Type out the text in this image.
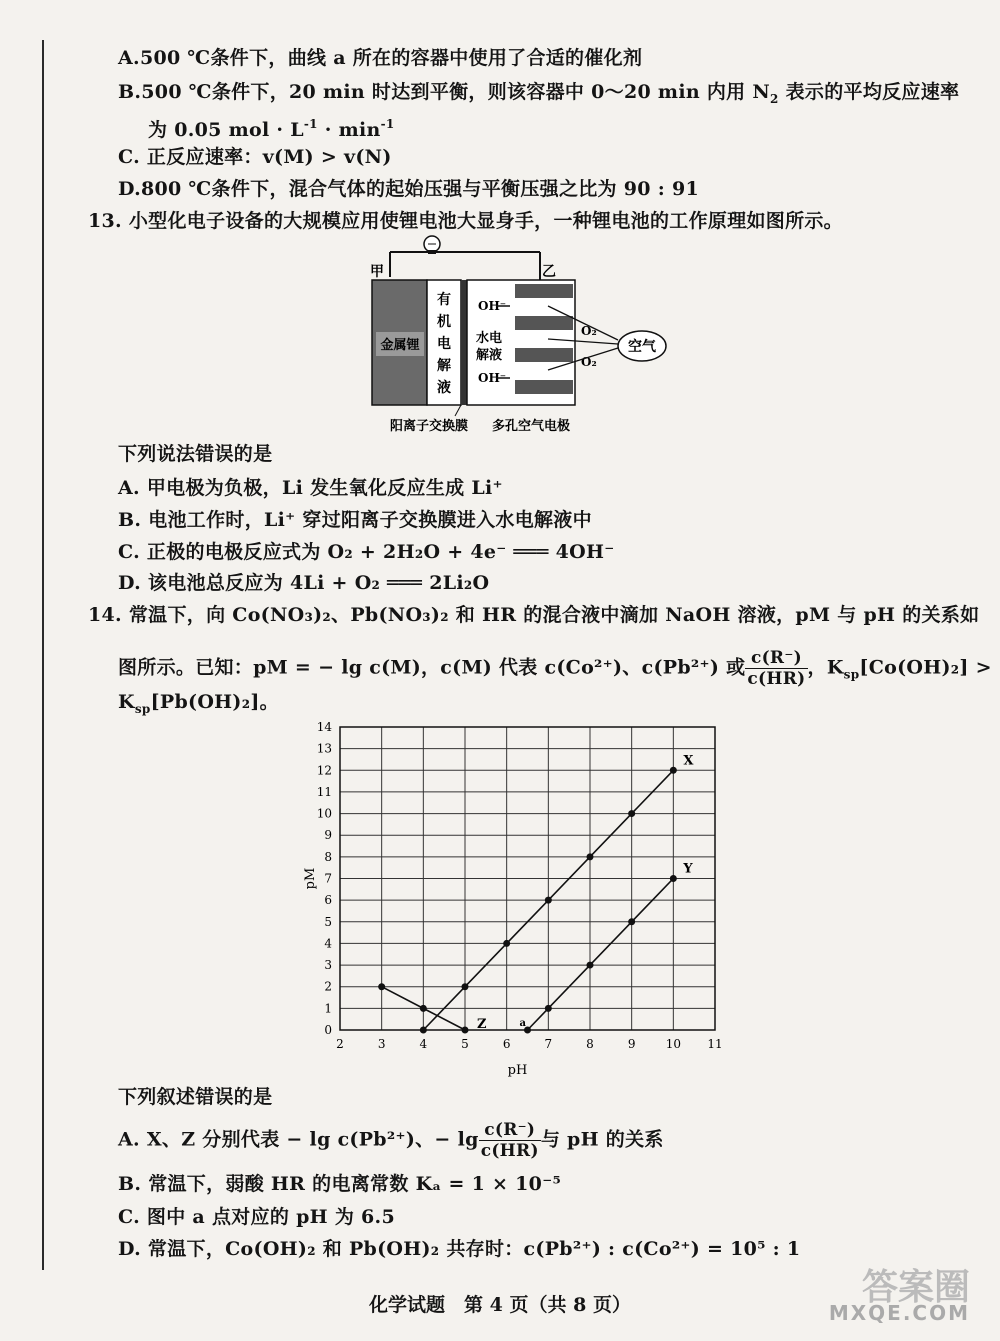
A.500 ℃条件下，曲线 a 所在的容器中使用了合适的催化剂
B.500 ℃条件下，20 min 时达到平衡，则该容器中 0～20 min 内用 $N_2$ 表示的平均反应速率
为 0.05 mol · $L^{-1} \cdot \min^{-1}$
C. 正反应速率：v(M) > v(N)
D.800 ℃条件下，混合气体的起始压强与平衡压强之比为 90 : 91
13. 小型化电子设备的大规模应用使锂电池大显身手，一种锂电池的工作原理如图所示。
甲	乙
金属锂
有
机
电
解
液
OH⁻
水电
解液
OH⁻
O₂
O₂
空气
阳离子交换膜 多孔空气电极
下列说法错误的是
A. 甲电极为负极，Li 发生氧化反应生成 Li⁺
B. 电池工作时，Li⁺ 穿过阳离子交换膜进入水电解液中
C. 正极的电极反应式为 O₂ + 2H₂O + 4e⁻ ═══ 4OH⁻
D. 该电池总反应为 4Li + O₂ ═══ 2Li₂O
14. 常温下，向 Co(NO₃)₂、Pb(NO₃)₂ 和 HR 的混合液中滴加 NaOH 溶液，pM 与 pH 的关系如
图所示。已知：pM = − lg c(M)，c(M) 代表 c(Co²⁺)、c(Pb²⁺) 或 $\frac{c(R^-)}{c(HR)}$ ，$K_{sp}[Co(OH)_2]$ >
$K_{sp}[Pb(OH)_2]$。
2	3	4	5	6	7	8	9	10 11
0
1
2
3
4
5
6
7
8
9
10
11
12
13
14
pH
pM
X
Y
Z	a
下列叙述错误的是
A. X、Z 分别代表 − lg c(Pb²⁺)、− $\lg \frac{c(R^-)}{c(HR)}$ 与 pH 的关系
B. 常温下，弱酸 HR 的电离常数 Kₐ = 1 × 10⁻⁵
C. 图中 a 点对应的 pH 为 6.5
D. 常温下，Co(OH)₂ 和 Pb(OH)₂ 共存时：c(Pb²⁺) : c(Co²⁺) = 10⁵ : 1
化学试题　第 4 页（共 8 页）	答案圈
MXQE.COM
